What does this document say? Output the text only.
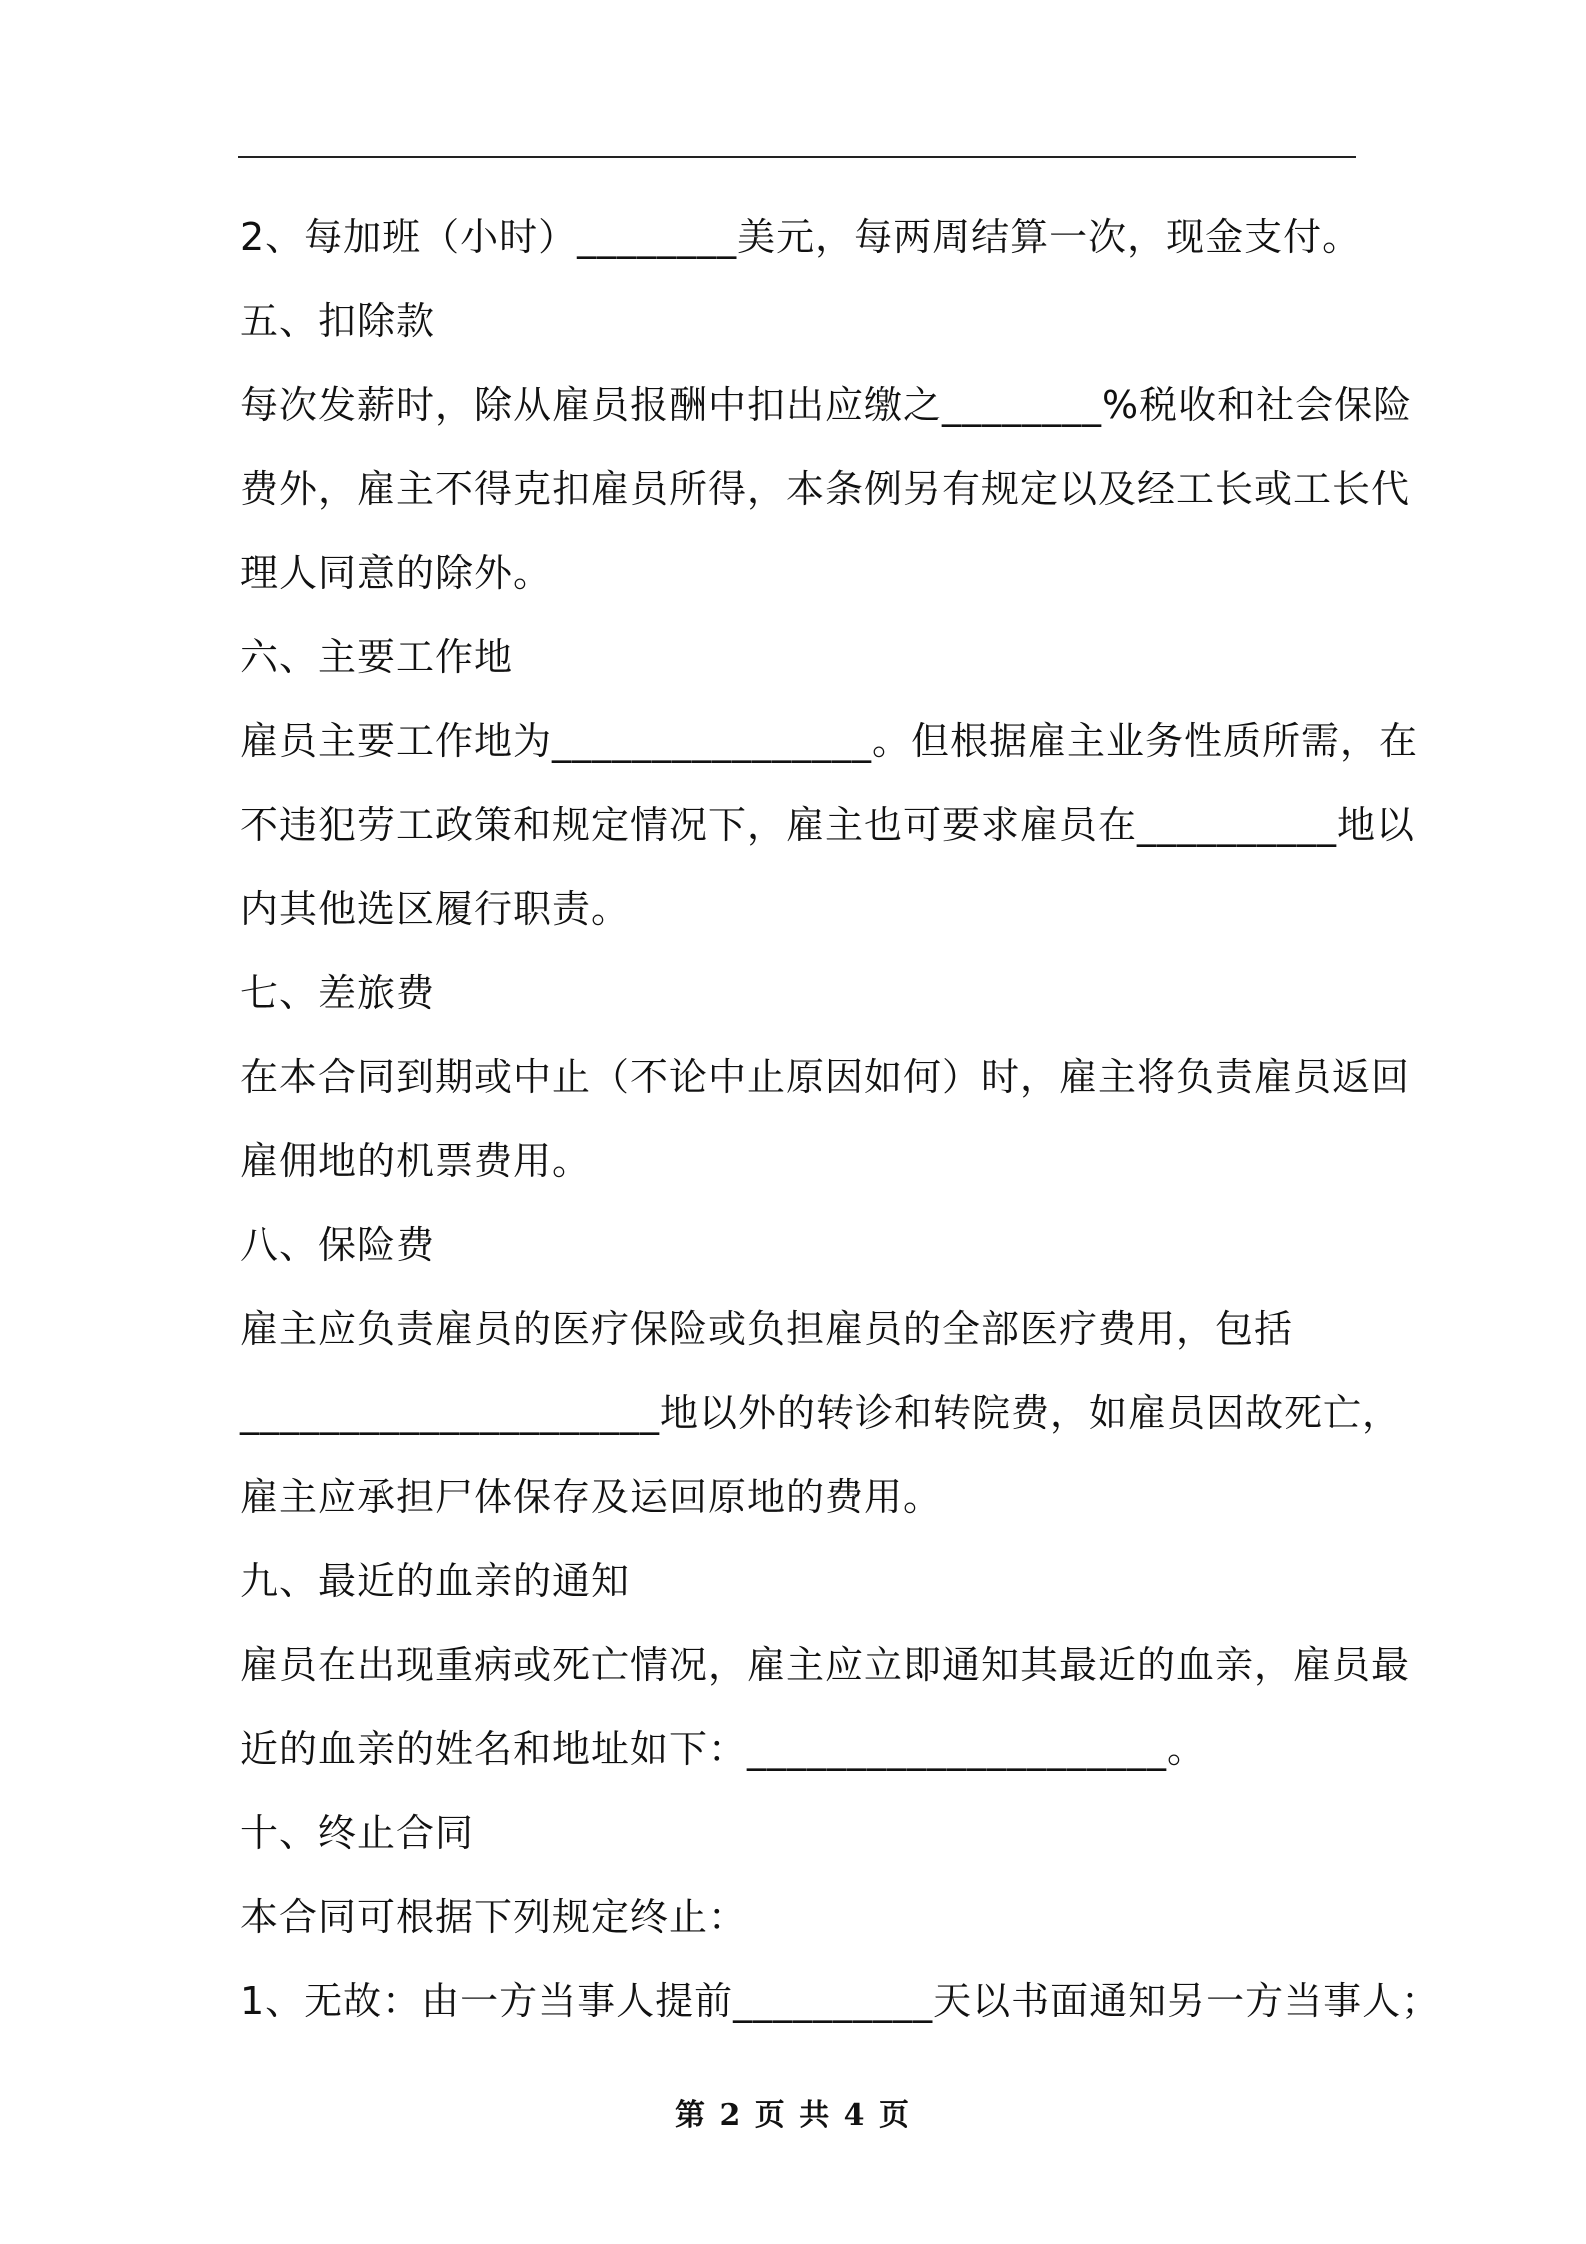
2、每加班（小时）________美元，每两周结算一次，现金支付。
五、扣除款
每次发薪时，除从雇员报酬中扣出应缴之________%税收和社会保险
费外，雇主不得克扣雇员所得，本条例另有规定以及经工长或工长代
理人同意的除外。
六、主要工作地
雇员主要工作地为________________。但根据雇主业务性质所需，在
不违犯劳工政策和规定情况下，雇主也可要求雇员在__________地以
内其他选区履行职责。
七、差旅费
在本合同到期或中止（不论中止原因如何）时，雇主将负责雇员返回
雇佣地的机票费用。
八、保险费
雇主应负责雇员的医疗保险或负担雇员的全部医疗费用，包括
_____________________地以外的转诊和转院费，如雇员因故死亡，
雇主应承担尸体保存及运回原地的费用。
九、最近的血亲的通知
雇员在出现重病或死亡情况，雇主应立即通知其最近的血亲，雇员最
近的血亲的姓名和地址如下：_____________________。
十、终止合同
本合同可根据下列规定终止：
1、无故：由一方当事人提前__________天以书面通知另一方当事人；
第 2 页 共 4 页
